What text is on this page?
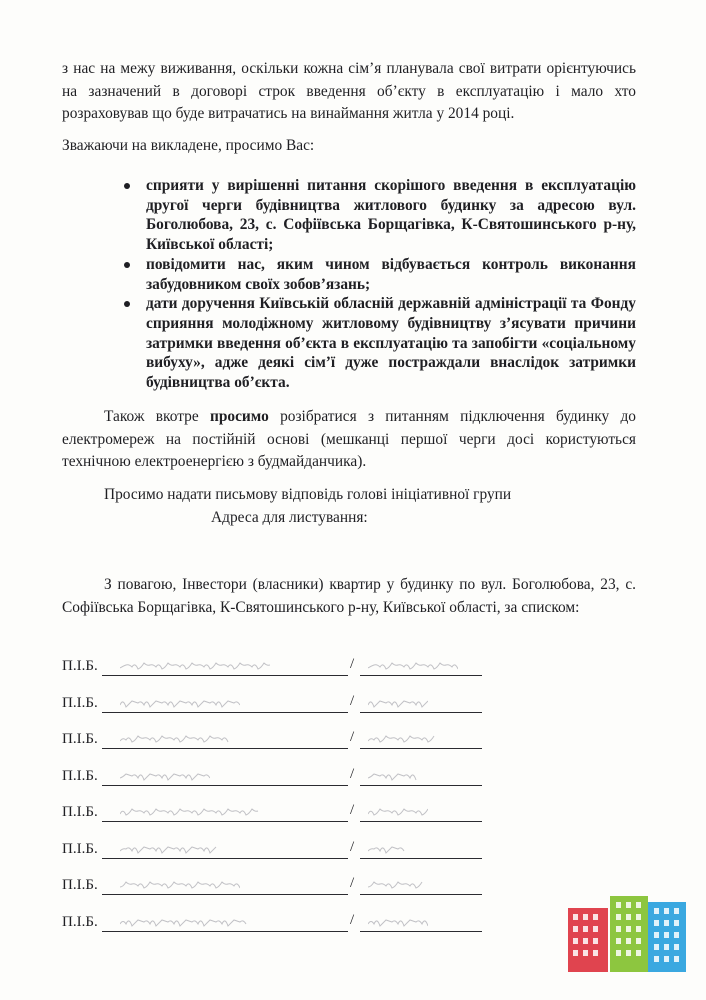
з нас на межу виживання, оскільки кожна сім’я планувала свої витрати орієнтуючись на зазначений в договорі строк введення об’єкту в експлуатацію і мало хто розраховував що буде витрачатись на винаймання житла у 2014 році.

Зважаючи на викладене, просимо Вас:

сприяти у вирішенні питання скорішого введення в експлуатацію другої черги будівництва житлового будинку за адресою вул. Боголюбова, 23, с. Софіївська Борщагівка, К-Святошинського р-ну, Київської області;
повідомити нас, яким чином відбувається контроль виконання забудовником своїх зобов’язань;
дати доручення Київській обласній державній адміністрації та Фонду сприяння молодіжному житловому будівництву з’ясувати причини затримки введення об’єкта в експлуатацію та запобігти «соціальному вибуху», адже деякі сім’ї дуже постраждали внаслідок затримки будівництва об’єкта.

Також вкотре просимо розібратися з питанням підключення будинку до електромереж на постійній основі (мешканці першої черги досі користуються технічною електроенергією з будмайданчика).

Просимо надати письмову відповідь голові ініціативної групи

Адреса для листування:

З повагою, Інвестори (власники) квартир у будинку по вул. Боголюбова, 23, с. Софіївська Борщагівка, К-Святошинського р-ну, Київської області, за списком:

П.І.Б.	/
П.І.Б.	/
П.І.Б.	/
П.І.Б.	/
П.І.Б.	/
П.І.Б.	/
П.І.Б.	/
П.І.Б.	/
